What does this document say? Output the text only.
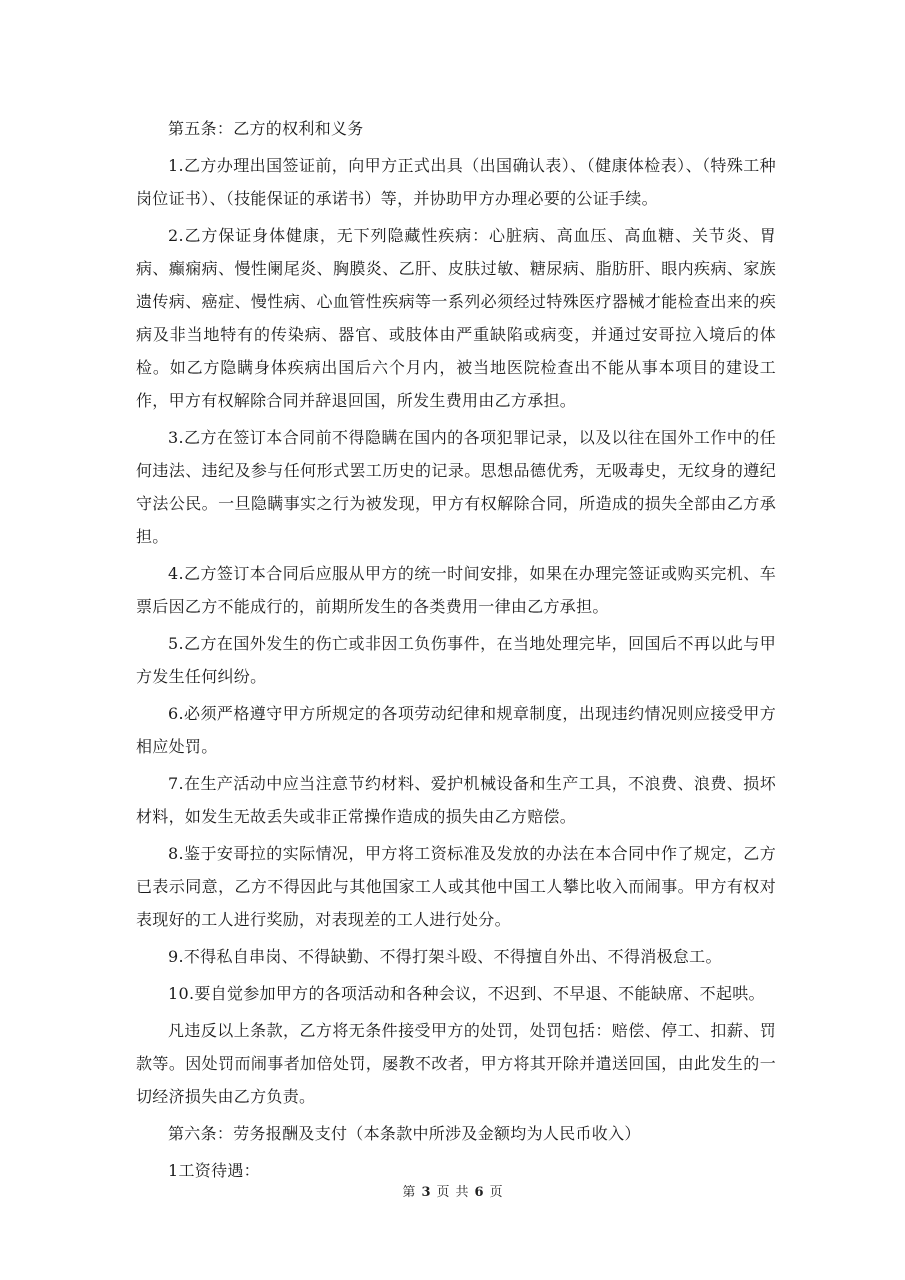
第五条：乙方的权利和义务

1.乙方办理出国签证前，向甲方正式出具（出国确认表）、（健康体检表）、（特殊工种岗位证书）、（技能保证的承诺书）等，并协助甲方办理必要的公证手续。

2.乙方保证身体健康，无下列隐藏性疾病：心脏病、高血压、高血糖、关节炎、胃病、癫痫病、慢性阑尾炎、胸膜炎、乙肝、皮肤过敏、糖尿病、脂肪肝、眼内疾病、家族遗传病、癌症、慢性病、心血管性疾病等一系列必须经过特殊医疗器械才能检查出来的疾病及非当地特有的传染病、器官、或肢体由严重缺陷或病变，并通过安哥拉入境后的体检。如乙方隐瞒身体疾病出国后六个月内，被当地医院检查出不能从事本项目的建设工作，甲方有权解除合同并辞退回国，所发生费用由乙方承担。

3.乙方在签订本合同前不得隐瞒在国内的各项犯罪记录，以及以往在国外工作中的任何违法、违纪及参与任何形式罢工历史的记录。思想品德优秀，无吸毒史，无纹身的遵纪守法公民。一旦隐瞒事实之行为被发现，甲方有权解除合同，所造成的损失全部由乙方承担。

4.乙方签订本合同后应服从甲方的统一时间安排，如果在办理完签证或购买完机、车票后因乙方不能成行的，前期所发生的各类费用一律由乙方承担。

5.乙方在国外发生的伤亡或非因工负伤事件，在当地处理完毕，回国后不再以此与甲方发生任何纠纷。

6.必须严格遵守甲方所规定的各项劳动纪律和规章制度，出现违约情况则应接受甲方相应处罚。

7.在生产活动中应当注意节约材料、爱护机械设备和生产工具，不浪费、浪费、损坏材料，如发生无故丢失或非正常操作造成的损失由乙方赔偿。

8.鉴于安哥拉的实际情况，甲方将工资标准及发放的办法在本合同中作了规定，乙方已表示同意，乙方不得因此与其他国家工人或其他中国工人攀比收入而闹事。甲方有权对表现好的工人进行奖励，对表现差的工人进行处分。

9.不得私自串岗、不得缺勤、不得打架斗殴、不得擅自外出、不得消极怠工。

10.要自觉参加甲方的各项活动和各种会议，不迟到、不早退、不能缺席、不起哄。

凡违反以上条款，乙方将无条件接受甲方的处罚，处罚包括：赔偿、停工、扣薪、罚款等。因处罚而闹事者加倍处罚，屡教不改者，甲方将其开除并遣送回国，由此发生的一切经济损失由乙方负责。

第六条：劳务报酬及支付（本条款中所涉及金额均为人民币收入）

1工资待遇：

第 3 页 共 6 页
